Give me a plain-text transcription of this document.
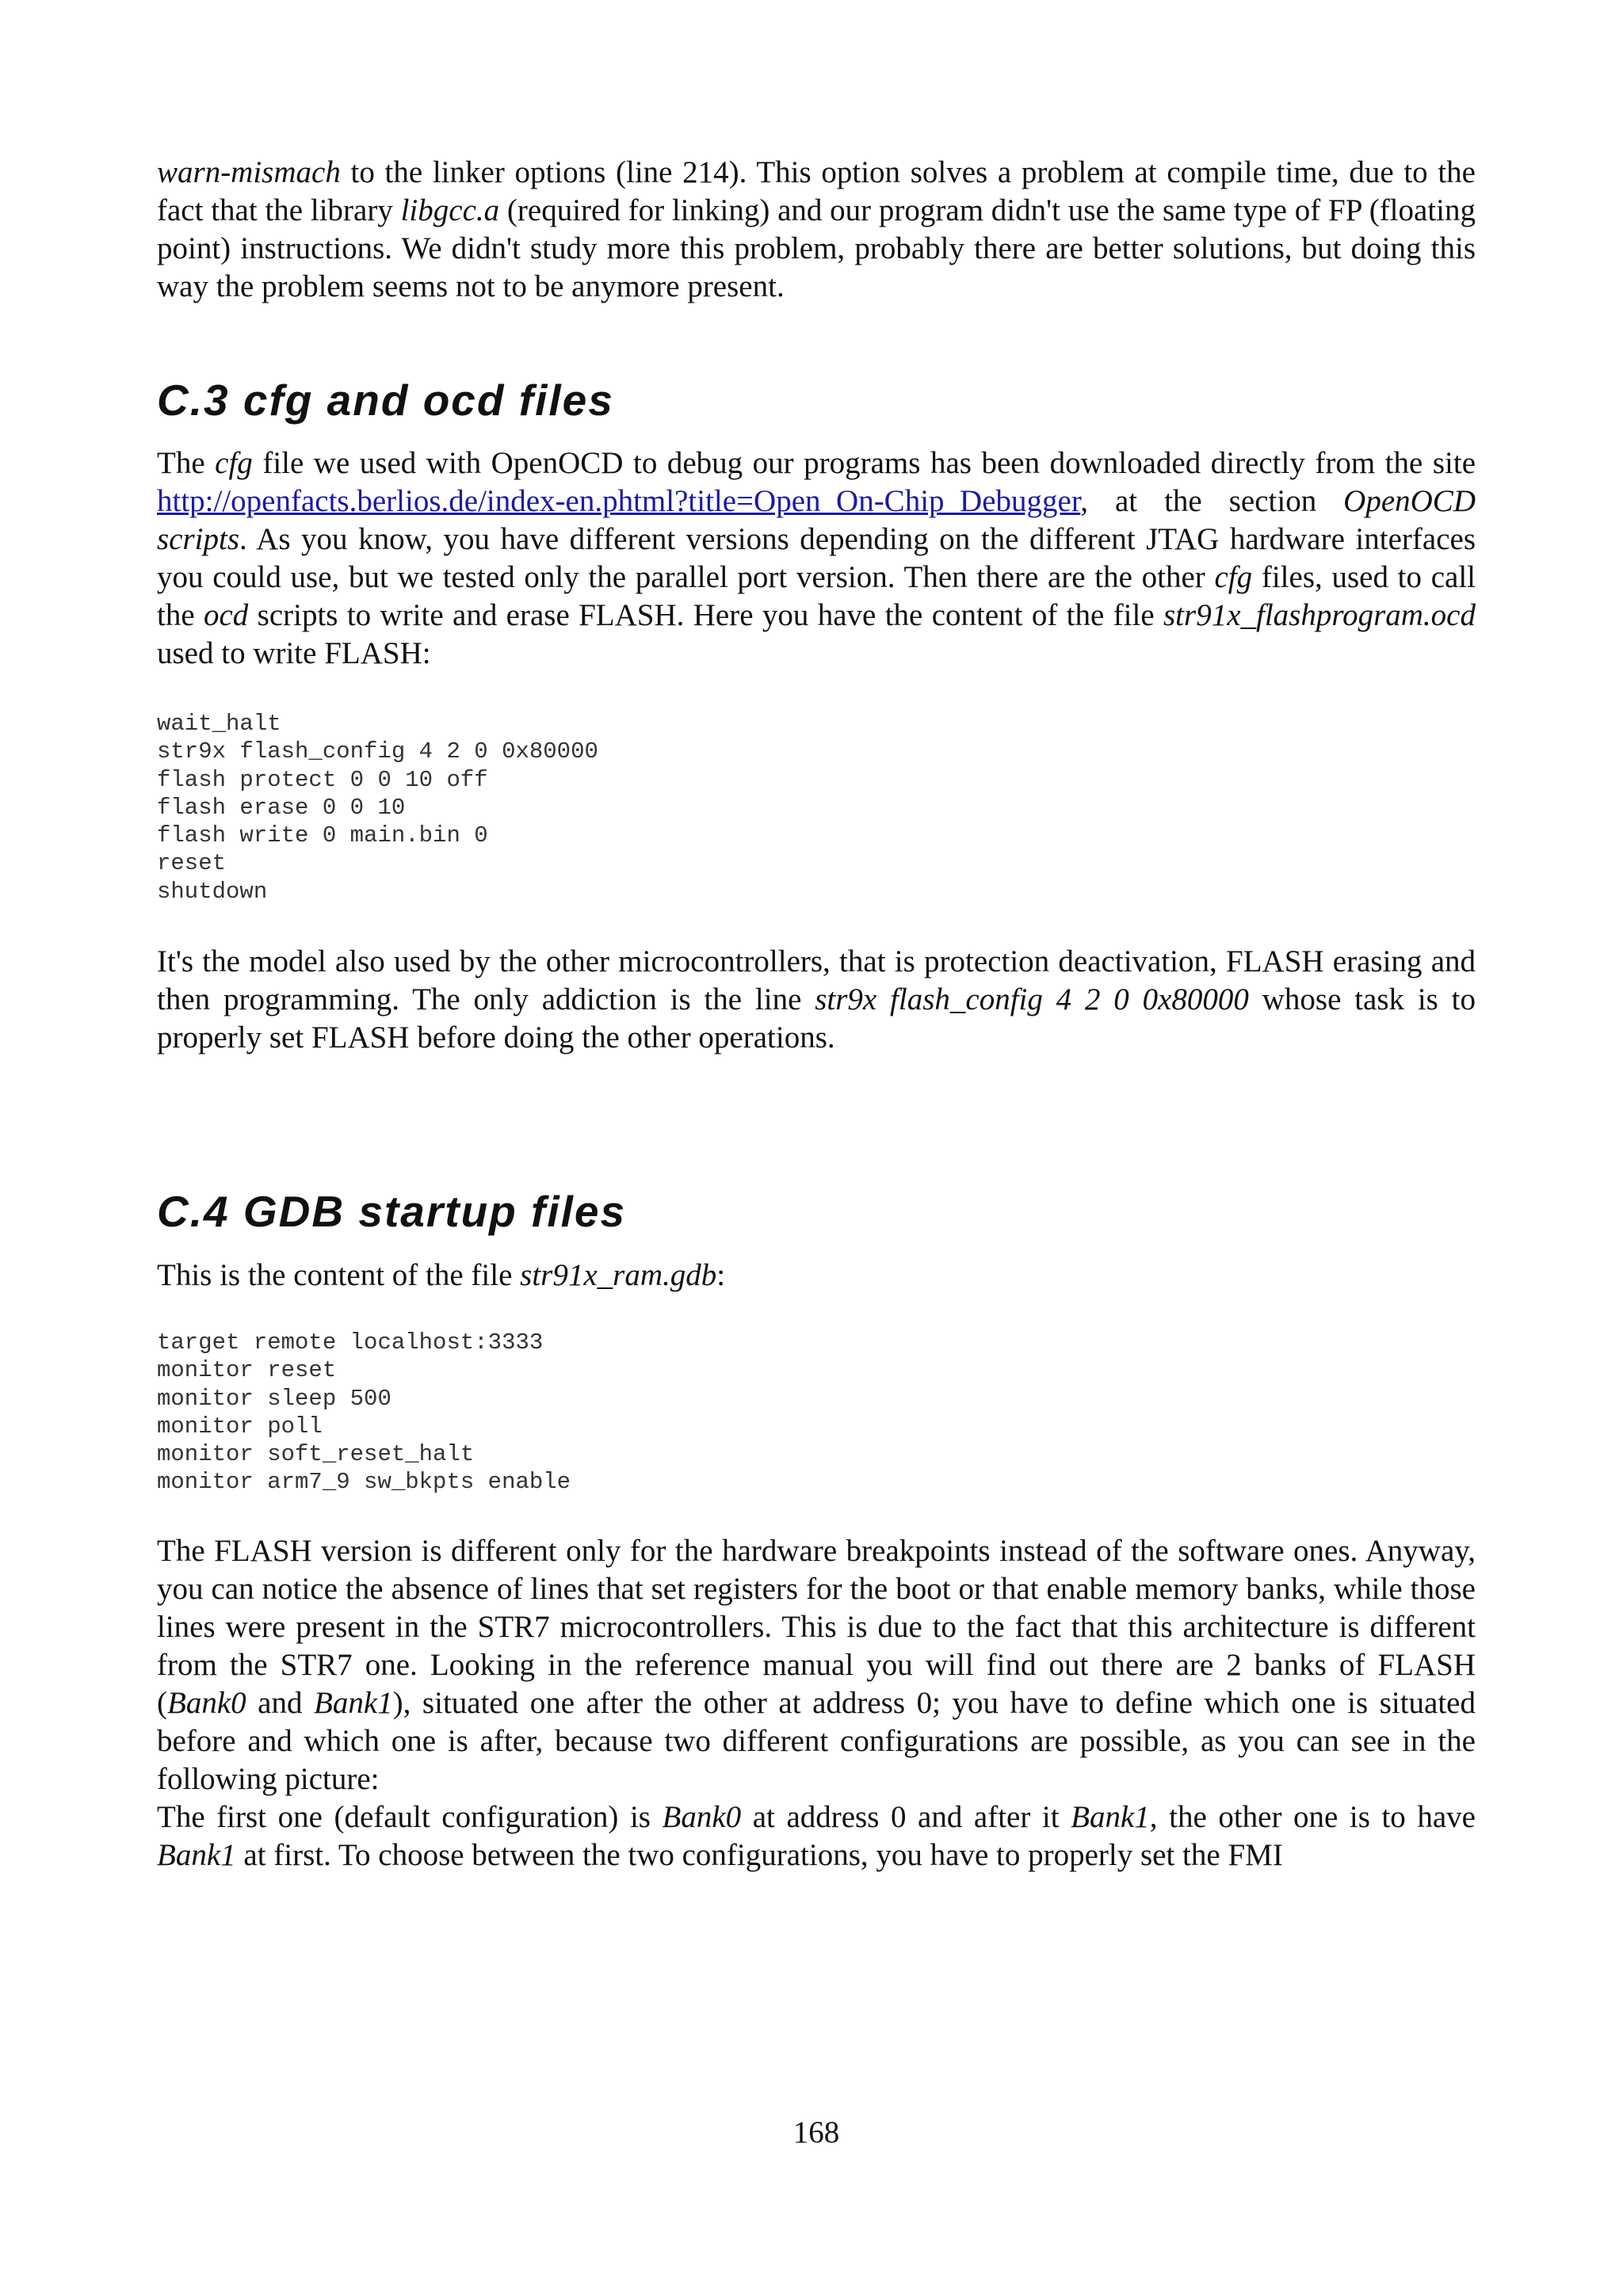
warn-mismach to the linker options (line 214). This option solves a problem at compile time, due to the fact that the library libgcc.a (required for linking) and our program didn't use the same type of FP (floating point) instructions. We didn't study more this problem, probably there are better solutions, but doing this way the problem seems not to be anymore present.

C.3 cfg and ocd files

The cfg file we used with OpenOCD to debug our programs has been downloaded directly from the site http://openfacts.berlios.de/index-en.phtml?title=Open_On-Chip_Debugger, at the section OpenOCD scripts. As you know, you have different versions depending on the different JTAG hardware interfaces you could use, but we tested only the parallel port version. Then there are the other cfg files, used to call the ocd scripts to write and erase FLASH. Here you have the content of the file str91x_flashprogram.ocd used to write FLASH:

wait_halt
str9x flash_config 4 2 0 0x80000
flash protect 0 0 10 off
flash erase 0 0 10
flash write 0 main.bin 0
reset
shutdown

It's the model also used by the other microcontrollers, that is protection deactivation, FLASH erasing and then programming. The only addiction is the line str9x flash_config 4 2 0 0x80000 whose task is to properly set FLASH before doing the other operations.

C.4 GDB startup files

This is the content of the file str91x_ram.gdb:

target remote localhost:3333
monitor reset
monitor sleep 500
monitor poll
monitor soft_reset_halt
monitor arm7_9 sw_bkpts enable

The FLASH version is different only for the hardware breakpoints instead of the software ones. Anyway, you can notice the absence of lines that set registers for the boot or that enable memory banks, while those lines were present in the STR7 microcontrollers. This is due to the fact that this architecture is different from the STR7 one. Looking in the reference manual you will find out there are 2 banks of FLASH (Bank0 and Bank1), situated one after the other at address 0; you have to define which one is situated before and which one is after, because two different configurations are possible, as you can see in the following picture:
The first one (default configuration) is Bank0 at address 0 and after it Bank1, the other one is to have Bank1 at first. To choose between the two configurations, you have to properly set the FMI

168
